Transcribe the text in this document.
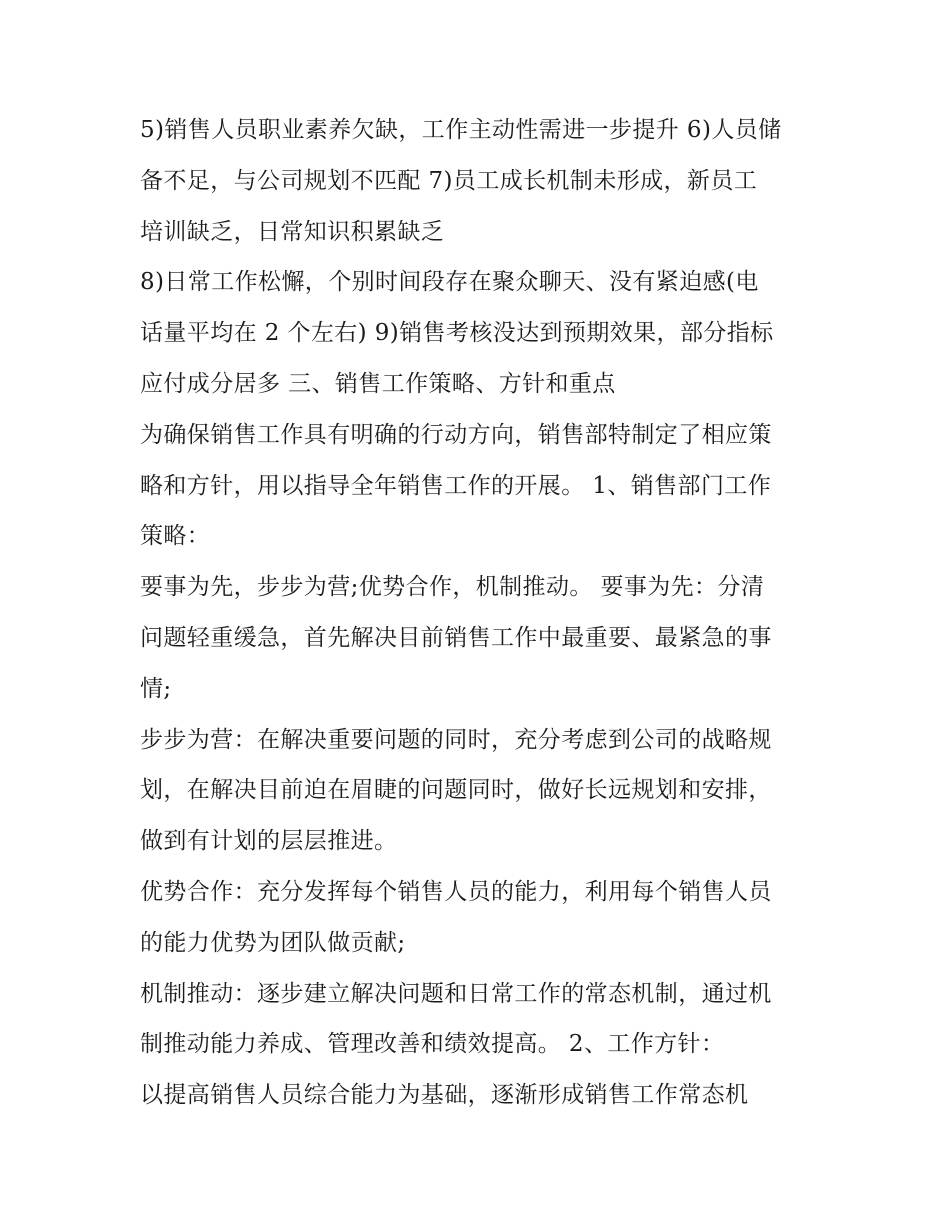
5)销售人员职业素养欠缺，工作主动性需进一步提升 6)人员储
备不足，与公司规划不匹配 7)员工成长机制未形成，新员工
培训缺乏，日常知识积累缺乏
8)日常工作松懈，个别时间段存在聚众聊天、没有紧迫感(电
话量平均在 2 个左右) 9)销售考核没达到预期效果，部分指标
应付成分居多 三、销售工作策略、方针和重点
为确保销售工作具有明确的行动方向，销售部特制定了相应策
略和方针，用以指导全年销售工作的开展。 1、销售部门工作
策略：
要事为先，步步为营;优势合作，机制推动。 要事为先：分清
问题轻重缓急，首先解决目前销售工作中最重要、最紧急的事
情;
步步为营：在解决重要问题的同时，充分考虑到公司的战略规
划，在解决目前迫在眉睫的问题同时，做好长远规划和安排，
做到有计划的层层推进。
优势合作：充分发挥每个销售人员的能力，利用每个销售人员
的能力优势为团队做贡献;
机制推动：逐步建立解决问题和日常工作的常态机制，通过机
制推动能力养成、管理改善和绩效提高。 2、工作方针：
以提高销售人员综合能力为基础，逐渐形成销售工作常态机
